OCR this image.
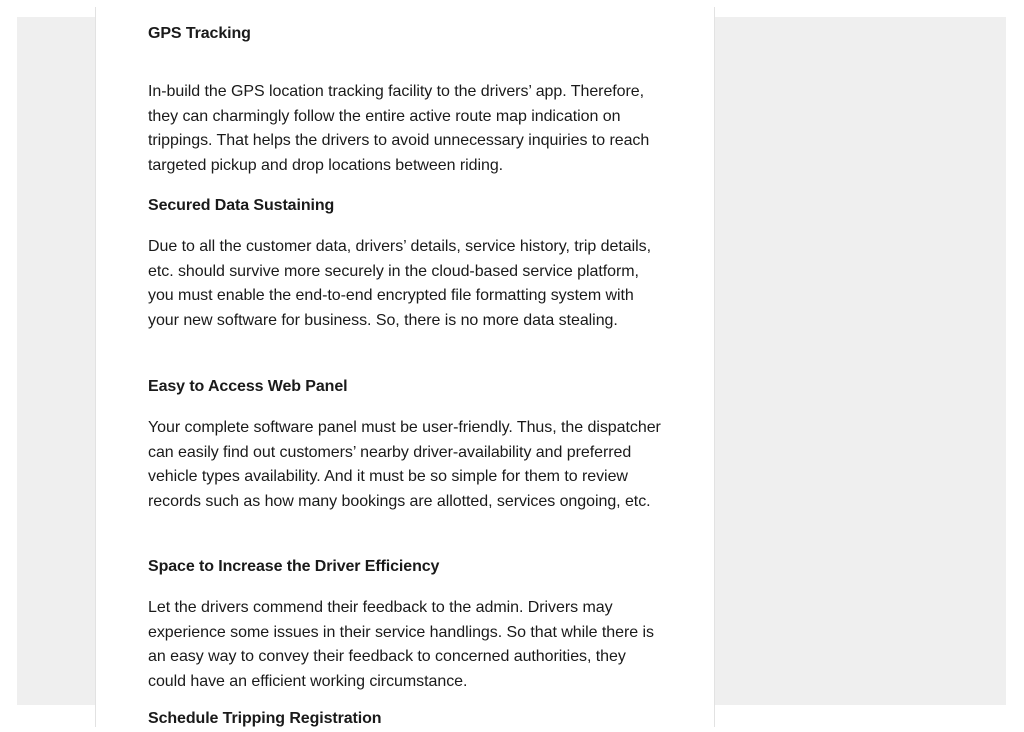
GPS Tracking

In-build the GPS location tracking facility to the drivers’ app. Therefore, they can charmingly follow the entire active route map indication on trippings. That helps the drivers to avoid unnecessary inquiries to reach targeted pickup and drop locations between riding.

Secured Data Sustaining

Due to all the customer data, drivers’ details, service history, trip details, etc. should survive more securely in the cloud-based service platform, you must enable the end-to-end encrypted file formatting system with your new software for business. So, there is no more data stealing.

Easy to Access Web Panel

Your complete software panel must be user-friendly. Thus, the dispatcher can easily find out customers’ nearby driver-availability and preferred vehicle types availability. And it must be so simple for them to review records such as how many bookings are allotted, services ongoing, etc.

Space to Increase the Driver Efficiency

Let the drivers commend their feedback to the admin. Drivers may experience some issues in their service handlings. So that while there is an easy way to convey their feedback to concerned authorities, they could have an efficient working circumstance.

Schedule Tripping Registration
